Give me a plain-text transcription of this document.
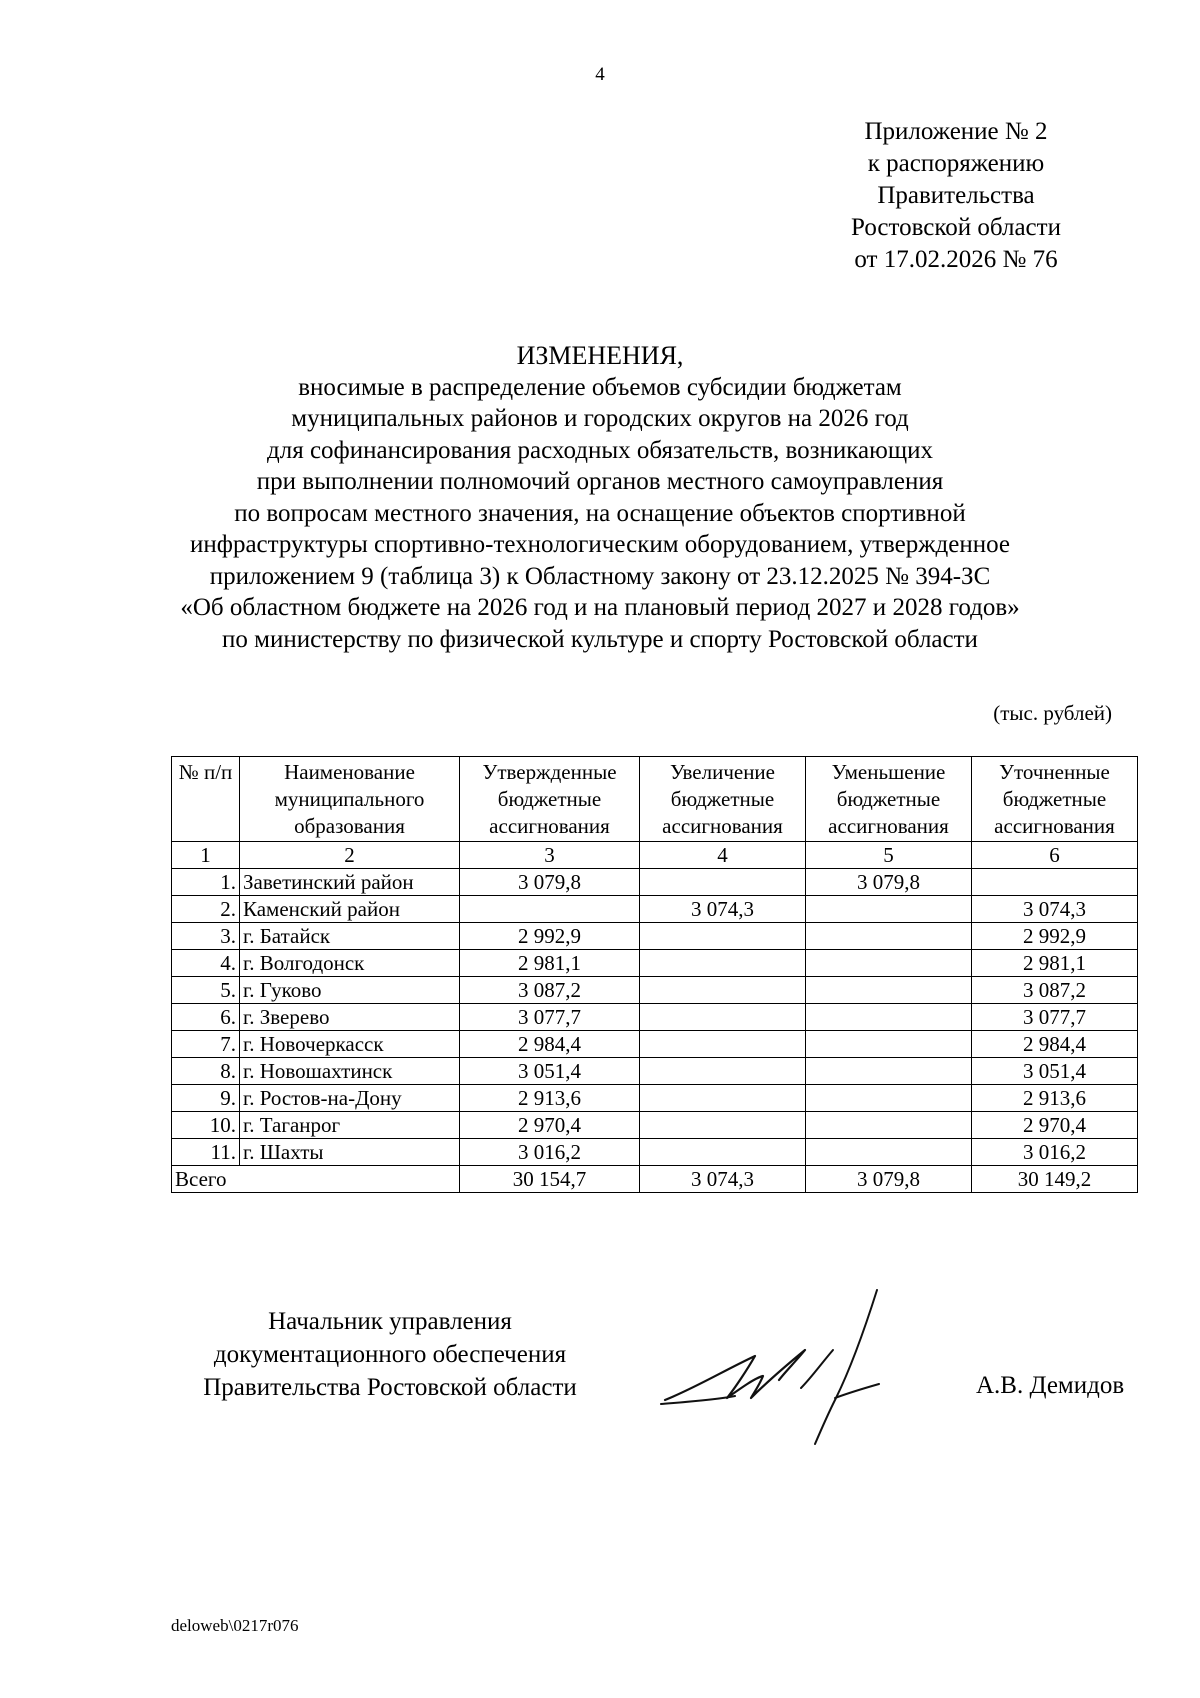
4
Приложение № 2
к распоряжению
Правительства
Ростовской области
от 17.02.2026 № 76
ИЗМЕНЕНИЯ,
вносимые в распределение объемов субсидии бюджетам
муниципальных районов и городских округов на 2026 год
для софинансирования расходных обязательств, возникающих
при выполнении полномочий органов местного самоуправления
по вопросам местного значения, на оснащение объектов спортивной
инфраструктуры спортивно-технологическим оборудованием, утвержденное
приложением 9 (таблица 3) к Областному закону от 23.12.2025 № 394-ЗС
«Об областном бюджете на 2026 год и на плановый период 2027 и 2028 годов»
по министерству по физической культуре и спорту Ростовской области
(тыс. рублей)
№ п/п	Наименование муниципального образования	Утвержденные бюджетные ассигнования	Увеличение бюджетные ассигнования	Уменьшение бюджетные ассигнования	Уточненные бюджетные ассигнования
1	2	3	4	5	6
1.	Заветинский район	3 079,8		3 079,8	
2.	Каменский район		3 074,3		3 074,3
3.	г. Батайск	2 992,9			2 992,9
4.	г. Волгодонск	2 981,1			2 981,1
5.	г. Гуково	3 087,2			3 087,2
6.	г. Зверево	3 077,7			3 077,7
7.	г. Новочеркасск	2 984,4			2 984,4
8.	г. Новошахтинск	3 051,4			3 051,4
9.	г. Ростов-на-Дону	2 913,6			2 913,6
10.	г. Таганрог	2 970,4			2 970,4
11.	г. Шахты	3 016,2			3 016,2
Всего		30 154,7	3 074,3	3 079,8	30 149,2
Начальник управления
документационного обеспечения
Правительства Ростовской области	А.В. Демидов
deloweb\0217r076
